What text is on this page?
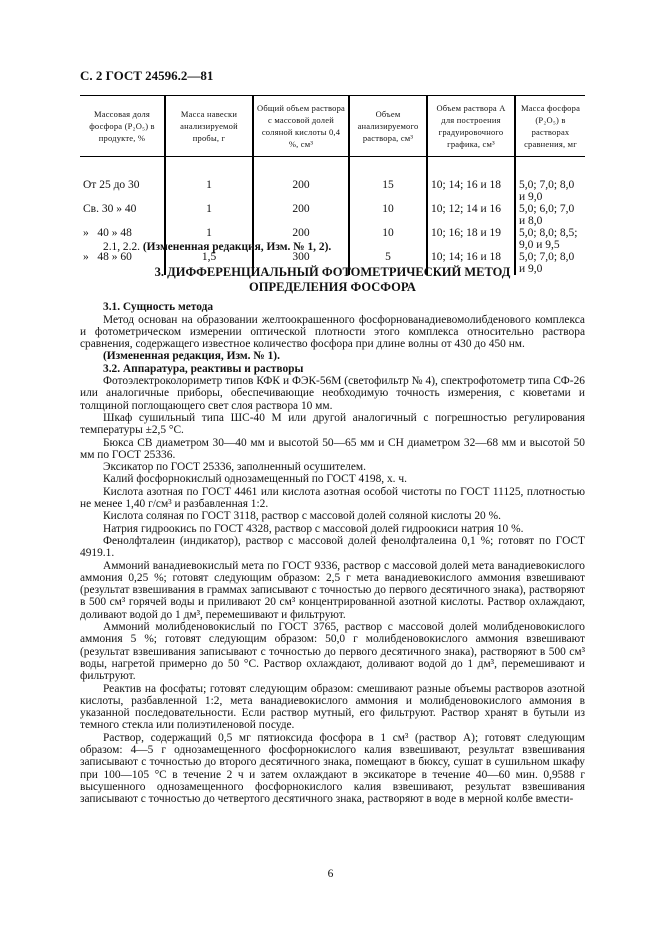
С. 2 ГОСТ 24596.2—81
Массовая доля фосфора (P₂O₅) в продукте, %	Масса навески анализируемой пробы, г	Общий объем раствора с массовой долей соляной кислоты 0,4 %, см³	Объем анализируемого раствора, см³	Объем раствора А для построения градуировочного графика, см³	Масса фосфора (P₂O₅) в растворах сравнения, мг
От 25 до 30	1	200	15	10; 14; 16 и 18	5,0; 7,0; 8,0 и 9,0
Св. 30 » 40	1	200	10	10; 12; 14 и 16	5,0; 6,0; 7,0 и 8,0
»   40 » 48	1	200	10	10; 16; 18 и 19	5,0; 8,0; 8,5; 9,0 и 9,5
»   48 » 60	1,5	300	5	10; 14; 16 и 18	5,0; 7,0; 8,0 и 9,0

2.1, 2.2. (Измененная редакция, Изм. № 1, 2).

3. ДИФФЕРЕНЦИАЛЬНЫЙ ФОТОМЕТРИЧЕСКИЙ МЕТОД

ОПРЕДЕЛЕНИЯ ФОСФОРА

3.1. Сущность метода

Метод основан на образовании желтоокрашенного фосфорнованадиевомолибденового комплекса и фотометрическом измерении оптической плотности этого комплекса относительно раствора сравнения, содержащего известное количество фосфора при длине волны от 430 до 450 нм.

(Измененная редакция, Изм. № 1).

3.2. Аппаратура, реактивы и растворы

Фотоэлектроколориметр типов КФК и ФЭК-56М (светофильтр № 4), спектрофотометр типа СФ-26 или аналогичные приборы, обеспечивающие необходимую точность измерения, с кюветами и толщиной поглощающего свет слоя раствора 10 мм.

Шкаф сушильный типа ШС-40 М или другой аналогичный с погрешностью регулирования температуры ±2,5 °С.

Бюкса СВ диаметром 30—40 мм и высотой 50—65 мм и СН диаметром 32—68 мм и высотой 50 мм по ГОСТ 25336.

Эксикатор по ГОСТ 25336, заполненный осушителем.

Калий фосфорнокислый однозамещенный по ГОСТ 4198, х. ч.

Кислота азотная по ГОСТ 4461 или кислота азотная особой чистоты по ГОСТ 11125, плотностью не менее 1,40 г/см³ и разбавленная 1:2.

Кислота соляная по ГОСТ 3118, раствор с массовой долей соляной кислоты 20 %.

Натрия гидроокись по ГОСТ 4328, раствор с массовой долей гидроокиси натрия 10 %.

Фенолфталеин (индикатор), раствор с массовой долей фенолфталеина 0,1 %; готовят по ГОСТ 4919.1.

Аммоний ванадиевокислый мета по ГОСТ 9336, раствор с массовой долей мета ванадиевокислого аммония 0,25 %; готовят следующим образом: 2,5 г мета ванадиевокислого аммония взвешивают (результат взвешивания в граммах записывают с точностью до первого десятичного знака), растворяют в 500 см³ горячей воды и приливают 20 см³ концентрированной азотной кислоты. Раствор охлаждают, доливают водой до 1 дм³, перемешивают и фильтруют.

Аммоний молибденовокислый по ГОСТ 3765, раствор с массовой долей молибденовокислого аммония 5 %; готовят следующим образом: 50,0 г молибденовокислого аммония взвешивают (результат взвешивания записывают с точностью до первого десятичного знака), растворяют в 500 см³ воды, нагретой примерно до 50 °С. Раствор охлаждают, доливают водой до 1 дм³, перемешивают и фильтруют.

Реактив на фосфаты; готовят следующим образом: смешивают разные объемы растворов азотной кислоты, разбавленной 1:2, мета ванадиевокислого аммония и молибденовокислого аммония в указанной последовательности. Если раствор мутный, его фильтруют. Раствор хранят в бутыли из темного стекла или полиэтиленовой посуде.

Раствор, содержащий 0,5 мг пятиоксида фосфора в 1 см³ (раствор А); готовят следующим образом: 4—5 г однозамещенного фосфорнокислого калия взвешивают, результат взвешивания записывают с точностью до второго десятичного знака, помещают в бюксу, сушат в сушильном шкафу при 100—105 °С в течение 2 ч и затем охлаждают в эксикаторе в течение 40—60 мин. 0,9588 г высушенного однозамещенного фосфорнокислого калия взвешивают, результат взвешивания записывают с точностью до четвертого десятичного знака, растворяют в воде в мерной колбе вмести-

6
